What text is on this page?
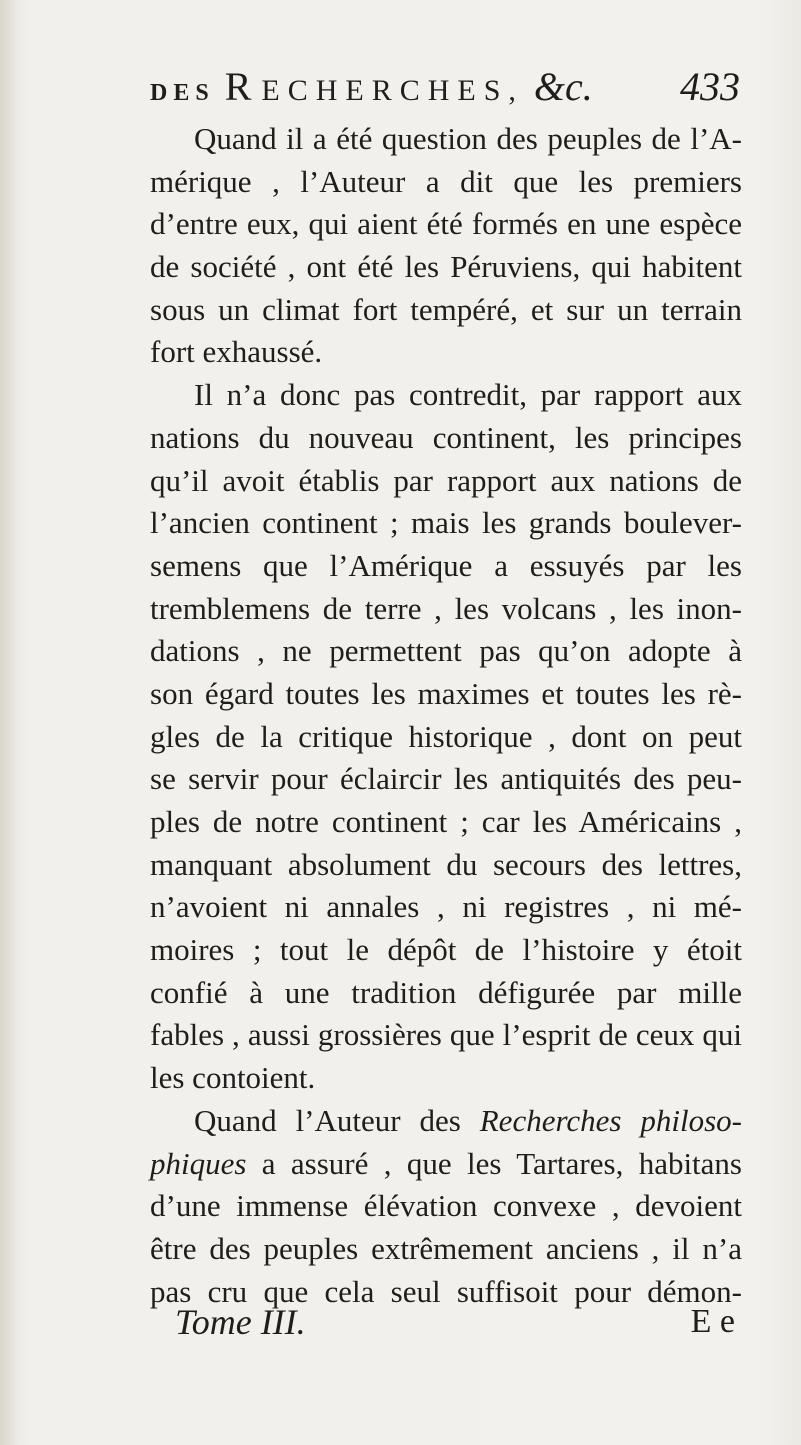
DES RECHERCHES, &c. 433
Quand il a été question des peuples de l’A-
mérique , l’Auteur a dit que les premiers
d’entre eux, qui aient été formés en une espèce
de société , ont été les Péruviens, qui habitent
sous un climat fort tempéré, et sur un terrain
fort exhaussé.
Il n’a donc pas contredit, par rapport aux
nations du nouveau continent, les principes
qu’il avoit établis par rapport aux nations de
l’ancien continent ; mais les grands boulever-
semens que l’Amérique a essuyés par les
tremblemens de terre , les volcans , les inon-
dations , ne permettent pas qu’on adopte à
son égard toutes les maximes et toutes les rè-
gles de la critique historique , dont on peut
se servir pour éclaircir les antiquités des peu-
ples de notre continent ; car les Américains ,
manquant absolument du secours des lettres,
n’avoient ni annales , ni registres , ni mé-
moires ; tout le dépôt de l’histoire y étoit
confié à une tradition défigurée par mille
fables , aussi grossières que l’esprit de ceux qui
les contoient.
Quand l’Auteur des Recherches philoso-
phiques a assuré , que les Tartares, habitans
d’une immense élévation convexe , devoient
être des peuples extrêmement anciens , il n’a
pas cru que cela seul suffisoit pour démon-
Tome III.	E e
